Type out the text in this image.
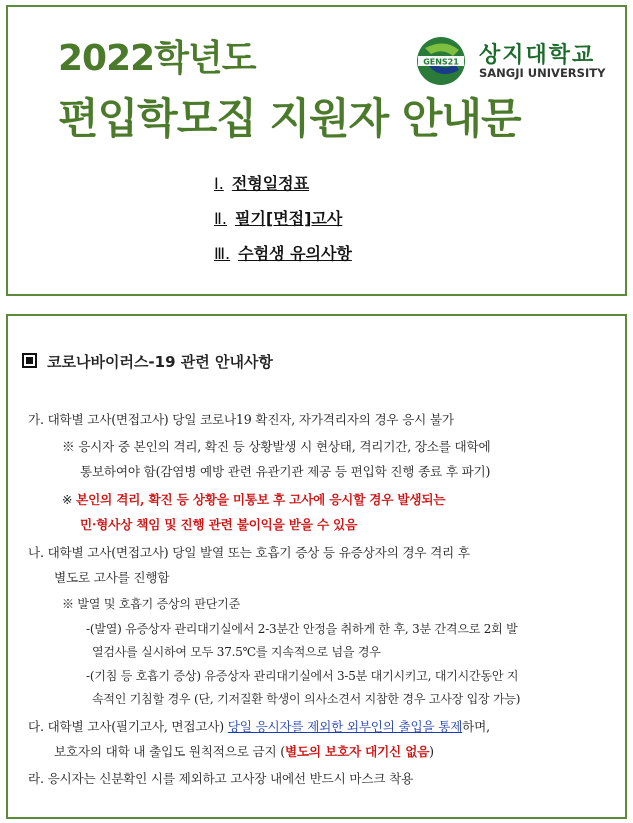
2022학년도
편입학모집 지원자 안내문
GENS21 상지대학교
SANGJI UNIVERSITY
Ⅰ. 전형일정표
Ⅱ. 필기[면접]고사
Ⅲ. 수험생 유의사항
코로나바이러스-19 관련 안내사항
가. 대학별 고사(면접고사) 당일 코로나19 확진자, 자가격리자의 경우 응시 불가
※ 응시자 중 본인의 격리, 확진 등 상황발생 시 현상태, 격리기간, 장소를 대학에
통보하여야 함(감염병 예방 관련 유관기관 제공 등 편입학 진행 종료 후 파기)
※ 본인의 격리, 확진 등 상황을 미통보 후 고사에 응시할 경우 발생되는
민·형사상 책임 및 진행 관련 불이익을 받을 수 있음
나. 대학별 고사(면접고사) 당일 발열 또는 호흡기 증상 등 유증상자의 경우 격리 후
별도로 고사를 진행함
※ 발열 및 호흡기 증상의 판단기준
-(발열) 유증상자 관리대기실에서 2-3분간 안정을 취하게 한 후, 3분 간격으로 2회 발
열검사를 실시하여 모두 37.5℃를 지속적으로 넘을 경우
-(기침 등 호흡기 증상) 유증상자 관리대기실에서 3-5분 대기시키고, 대기시간동안 지
속적인 기침할 경우 (단, 기저질환 학생이 의사소견서 지참한 경우 고사장 입장 가능)
다. 대학별 고사(필기고사, 면접고사) 당일 응시자를 제외한 외부인의 출입을 통제하며,
보호자의 대학 내 출입도 원칙적으로 금지 (별도의 보호자 대기신 없음)
라. 응시자는 신분확인 시를 제외하고 고사장 내에선 반드시 마스크 착용
